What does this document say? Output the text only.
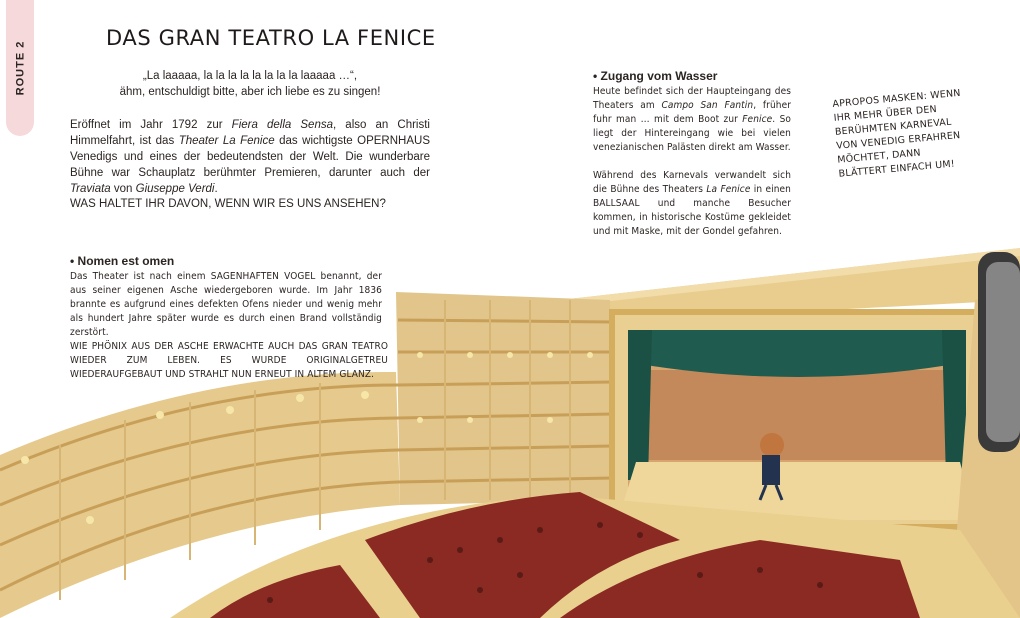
ROUTE 2
DAS GRAN TEATRO LA FENICE

„La laaaaa, la la la la la la la la laaaaa …“,

ähm, entschuldigt bitte, aber ich liebe es zu singen!

Eröffnet im Jahr 1792 zur Fiera della Sensa, also an Christi Himmelfahrt, ist das Theater La Fenice das wichtigste OPERNHAUS Venedigs und eines der bedeutendsten der Welt. Die wunderbare Bühne war Schauplatz berühmter Premieren, darunter auch der Traviata von Giuseppe Verdi.

WAS HALTET IHR DAVON, WENN WIR ES UNS ANSEHEN?

• Nomen est omen

Das Theater ist nach einem SAGENHAFTEN VOGEL benannt, der aus seiner eigenen Asche wiedergeboren wurde. Im Jahr 1836 brannte es aufgrund eines defekten Ofens nieder und wenig mehr als hundert Jahre später wurde es durch einen Brand vollständig zerstört.

WIE PHÖNIX AUS DER ASCHE ERWACHTE AUCH DAS GRAN TEATRO WIEDER ZUM LEBEN. ES WURDE ORIGINALGETREU WIEDERAUFGEBAUT UND STRAHLT NUN ERNEUT IN ALTEM GLANZ.

• Zugang vom Wasser

Heute befindet sich der Haupteingang des Theaters am Campo San Fantin, früher fuhr man … mit dem Boot zur Fenice. So liegt der Hintereingang wie bei vielen venezianischen Palästen direkt am Wasser.

Während des Karnevals verwandelt sich die Bühne des Theaters La Fenice in einen BALLSAAL und manche Besucher kommen, in historische Kostüme gekleidet und mit Maske, mit der Gondel gefahren.

APROPOS MASKEN: WENN IHR MEHR ÜBER DEN BERÜHMTEN KARNEVAL VON VENEDIG ERFAHREN MÖCHTET, DANN BLÄTTERT EINFACH UM!
